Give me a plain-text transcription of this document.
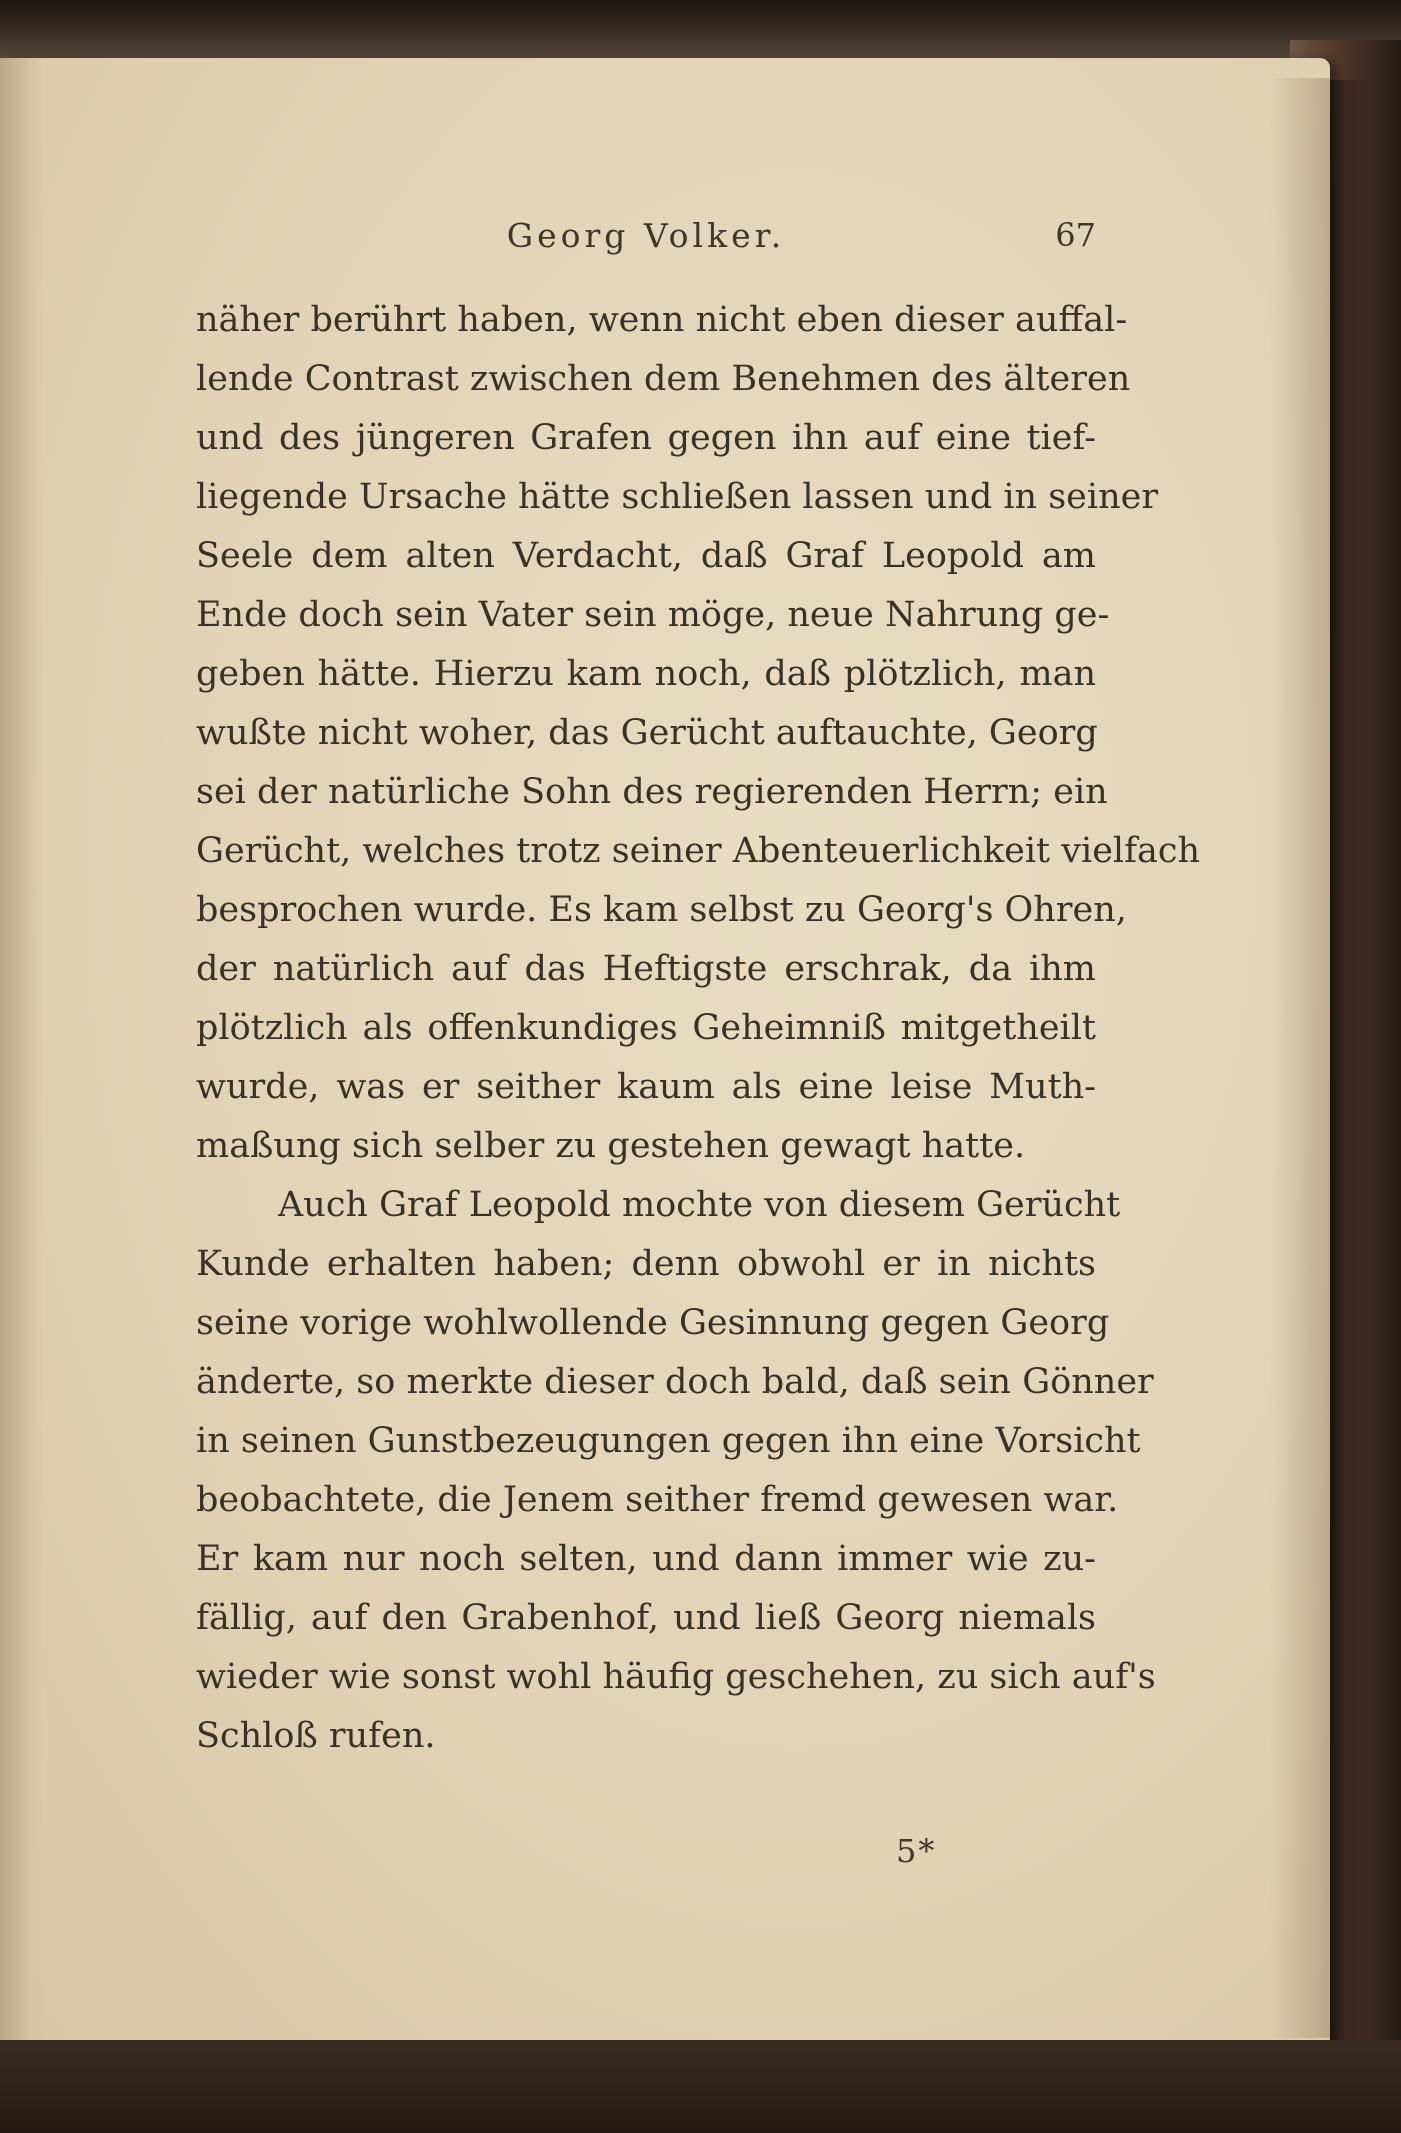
Georg Volker.	67
näher berührt haben, wenn nicht eben dieser auffal-
lende Contrast zwischen dem Benehmen des älteren
und des jüngeren Grafen gegen ihn auf eine tief-
liegende Ursache hätte schließen lassen und in seiner
Seele dem alten Verdacht, daß Graf Leopold am
Ende doch sein Vater sein möge, neue Nahrung ge-
geben hätte. Hierzu kam noch, daß plötzlich, man
wußte nicht woher, das Gerücht auftauchte, Georg
sei der natürliche Sohn des regierenden Herrn; ein
Gerücht, welches trotz seiner Abenteuerlichkeit vielfach
besprochen wurde. Es kam selbst zu Georg's Ohren,
der natürlich auf das Heftigste erschrak, da ihm
plötzlich als offenkundiges Geheimniß mitgetheilt
wurde, was er seither kaum als eine leise Muth-
maßung sich selber zu gestehen gewagt hatte.
Auch Graf Leopold mochte von diesem Gerücht
Kunde erhalten haben; denn obwohl er in nichts
seine vorige wohlwollende Gesinnung gegen Georg
änderte, so merkte dieser doch bald, daß sein Gönner
in seinen Gunstbezeugungen gegen ihn eine Vorsicht
beobachtete, die Jenem seither fremd gewesen war.
Er kam nur noch selten, und dann immer wie zu-
fällig, auf den Grabenhof, und ließ Georg niemals
wieder wie sonst wohl häufig geschehen, zu sich auf's
Schloß rufen.
5*
